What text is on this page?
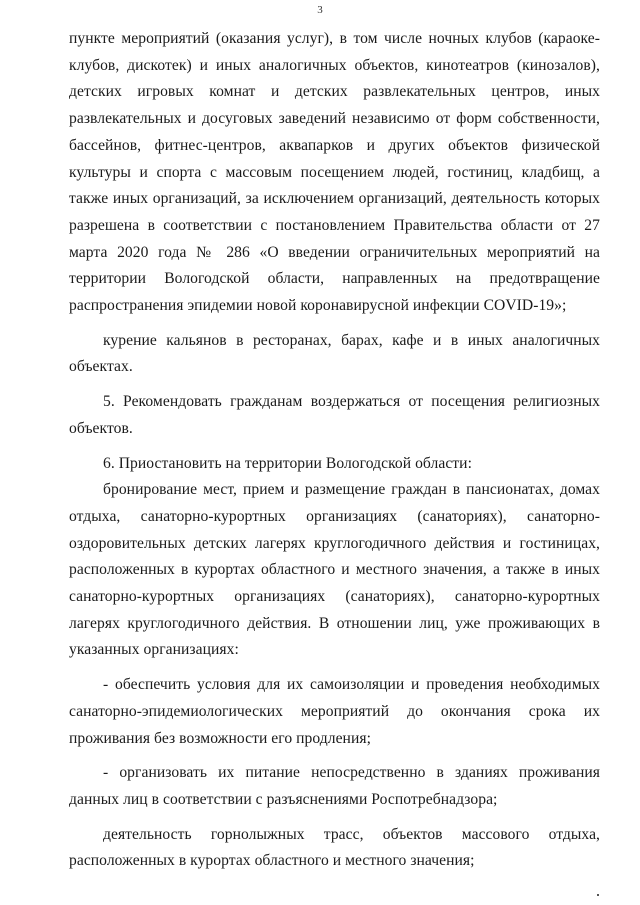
3

пункте мероприятий (оказания услуг), в том числе ночных клубов (караоке-клубов, дискотек) и иных аналогичных объектов, кинотеатров (кинозалов), детских игровых комнат и детских развлекательных центров, иных развлекательных и досуговых заведений независимо от форм собственности, бассейнов, фитнес-центров, аквапарков и других объектов физической культуры и спорта с массовым посещением людей, гостиниц, кладбищ, а также иных организаций, за исключением организаций, деятельность которых разрешена в соответствии с постановлением Правительства области от 27 марта 2020 года № 286 «О введении ограничительных мероприятий на территории Вологодской области, направленных на предотвращение распространения эпидемии новой коронавирусной инфекции COVID-19»;

курение кальянов в ресторанах, барах, кафе и в иных аналогичных объектах.

5. Рекомендовать гражданам воздержаться от посещения религиозных объектов.

6. Приостановить на территории Вологодской области:

бронирование мест, прием и размещение граждан в пансионатах, домах отдыха, санаторно-курортных организациях (санаториях), санаторно-оздоровительных детских лагерях круглогодичного действия и гостиницах, расположенных в курортах областного и местного значения, а также в иных санаторно-курортных организациях (санаториях), санаторно-курортных лагерях круглогодичного действия. В отношении лиц, уже проживающих в указанных организациях:

- обеспечить условия для их самоизоляции и проведения необходимых санаторно-эпидемиологических мероприятий до окончания срока их проживания без возможности его продления;

- организовать их питание непосредственно в зданиях проживания данных лиц в соответствии с разъяснениями Роспотребнадзора;

деятельность горнолыжных трасс, объектов массового отдыха, расположенных в курортах областного и местного значения;
